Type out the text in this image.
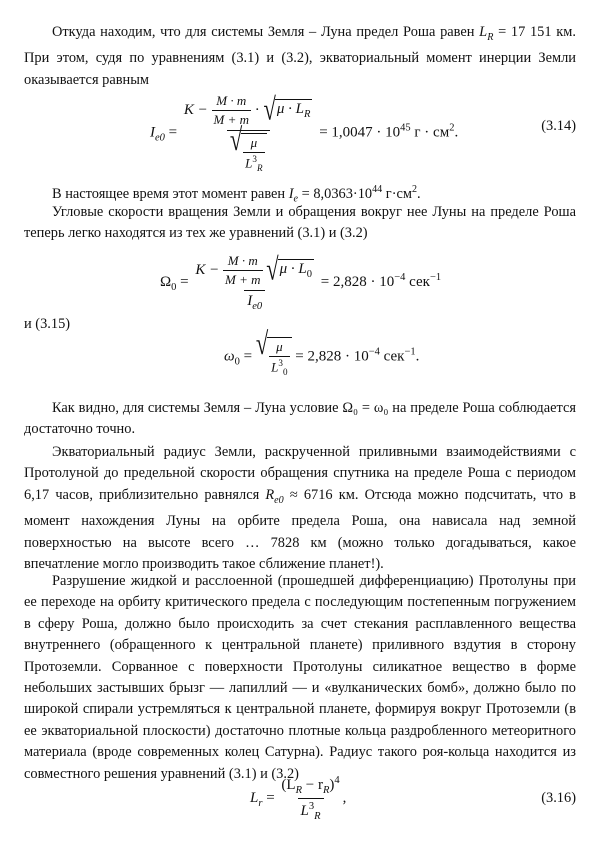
Откуда находим, что для системы Земля – Луна предел Роша равен $L_R = 17$ 151 км. При этом, судя по уравнениям (3.1) и (3.2), экваториальный момент инерции Земли оказывается равным

$I_{e0} = \frac{K - \frac{M \cdot m}{M + m} \cdot √ \mu \cdot L_R}{√ \frac{\mu}{L^3_R}} = 1,0047 \cdot 10^{45}$ $г \cdot см^2$.	(3.14)

В настоящее время этот момент равен $I_e = 8,0363\cdot 10^{44}$ $г\cdot см^2$.

Угловые скорости вращения Земли и обращения вокруг нее Луны на пределе Роша теперь легко находятся из тех же уравнений (3.1) и (3.2)

$\Omega_0 = K - \frac{M \cdot m}{M + m}$
√ $\mu \cdot L_0$
$I_{e0} = 2,828 \cdot 10^{-4}$ сек$^{-1}$

и (3.15)

$\omega_0$ = √ $\frac{\mu}{L^3_0} = 2,828 \cdot 10^{-4}$ сек$^{-1}$.

Как видно, для системы Земля – Луна условие Ω₀ = ω₀ на пределе Роша соблюдается достаточно точно.

Экваториальный радиус Земли, раскрученной приливными взаимодействиями с Протолуной до предельной скорости обращения спутника на пределе Роша с периодом 6,17 часов, приблизительно равнялся $R_{e0} \approx 6716$ км. Отсюда можно подсчитать, что в момент нахождения Луны на орбите предела Роша, она нависала над земной поверхностью на высоте всего … 7828 км (можно только догадываться, какое впечатление могло производить такое сближение планет!).

Разрушение жидкой и расслоенной (прошедшей дифференциацию) Протолуны при ее переходе на орбиту критического предела с последующим постепенным погружением в сферу Роша, должно было происходить за счет стекания расплавленного вещества внутреннего (обращенного к центральной планете) приливного вздутия в сторону Протоземли. Сорванное с поверхности Протолуны силикатное вещество в форме небольших застывших брызг — лапиллий — и «вулканических бомб», должно было по широкой спирали устремляться к центральной планете, формируя вокруг Протоземли (в ее экваториальной плоскости) достаточно плотные кольца раздробленного метеоритного материала (вроде современных колец Сатурна). Радиус такого роя-кольца находится из совместного решения уравнений (3.1) и (3.2)

$L_r = \frac{(L_R - r_R)^4}{L^3_R}$ ,	(3.16)
